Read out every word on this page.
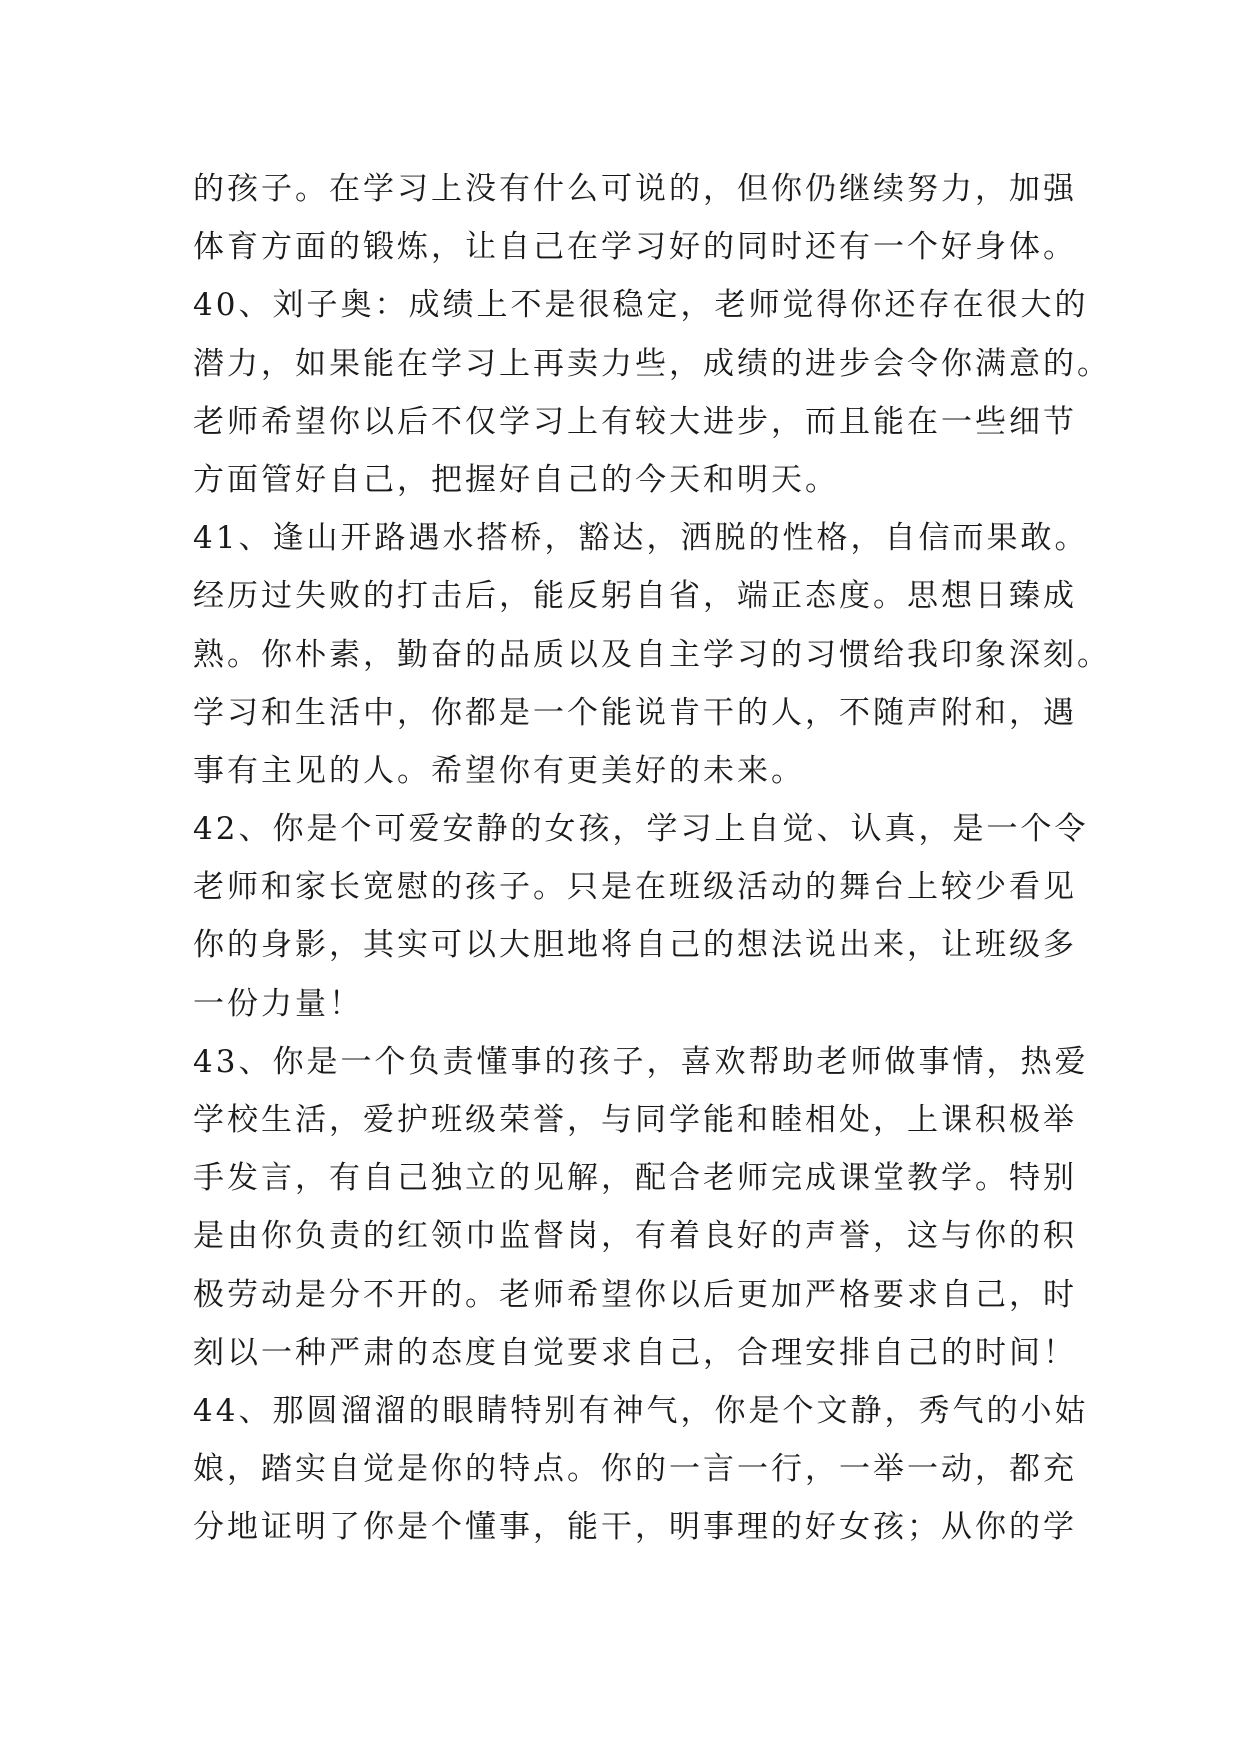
的孩子。在学习上没有什么可说的，但你仍继续努力，加强
体育方面的锻炼，让自己在学习好的同时还有一个好身体。
40、刘子奥：成绩上不是很稳定，老师觉得你还存在很大的
潜力，如果能在学习上再卖力些，成绩的进步会令你满意的。
老师希望你以后不仅学习上有较大进步，而且能在一些细节
方面管好自己，把握好自己的今天和明天。
41、逢山开路遇水搭桥，豁达，洒脱的性格，自信而果敢。
经历过失败的打击后，能反躬自省，端正态度。思想日臻成
熟。你朴素，勤奋的品质以及自主学习的习惯给我印象深刻。
学习和生活中，你都是一个能说肯干的人，不随声附和，遇
事有主见的人。希望你有更美好的未来。
42、你是个可爱安静的女孩，学习上自觉、认真，是一个令
老师和家长宽慰的孩子。只是在班级活动的舞台上较少看见
你的身影，其实可以大胆地将自己的想法说出来，让班级多
一份力量！
43、你是一个负责懂事的孩子，喜欢帮助老师做事情，热爱
学校生活，爱护班级荣誉，与同学能和睦相处，上课积极举
手发言，有自己独立的见解，配合老师完成课堂教学。特别
是由你负责的红领巾监督岗，有着良好的声誉，这与你的积
极劳动是分不开的。老师希望你以后更加严格要求自己，时
刻以一种严肃的态度自觉要求自己，合理安排自己的时间！
44、那圆溜溜的眼睛特别有神气，你是个文静，秀气的小姑
娘，踏实自觉是你的特点。你的一言一行，一举一动，都充
分地证明了你是个懂事，能干，明事理的好女孩；从你的学
